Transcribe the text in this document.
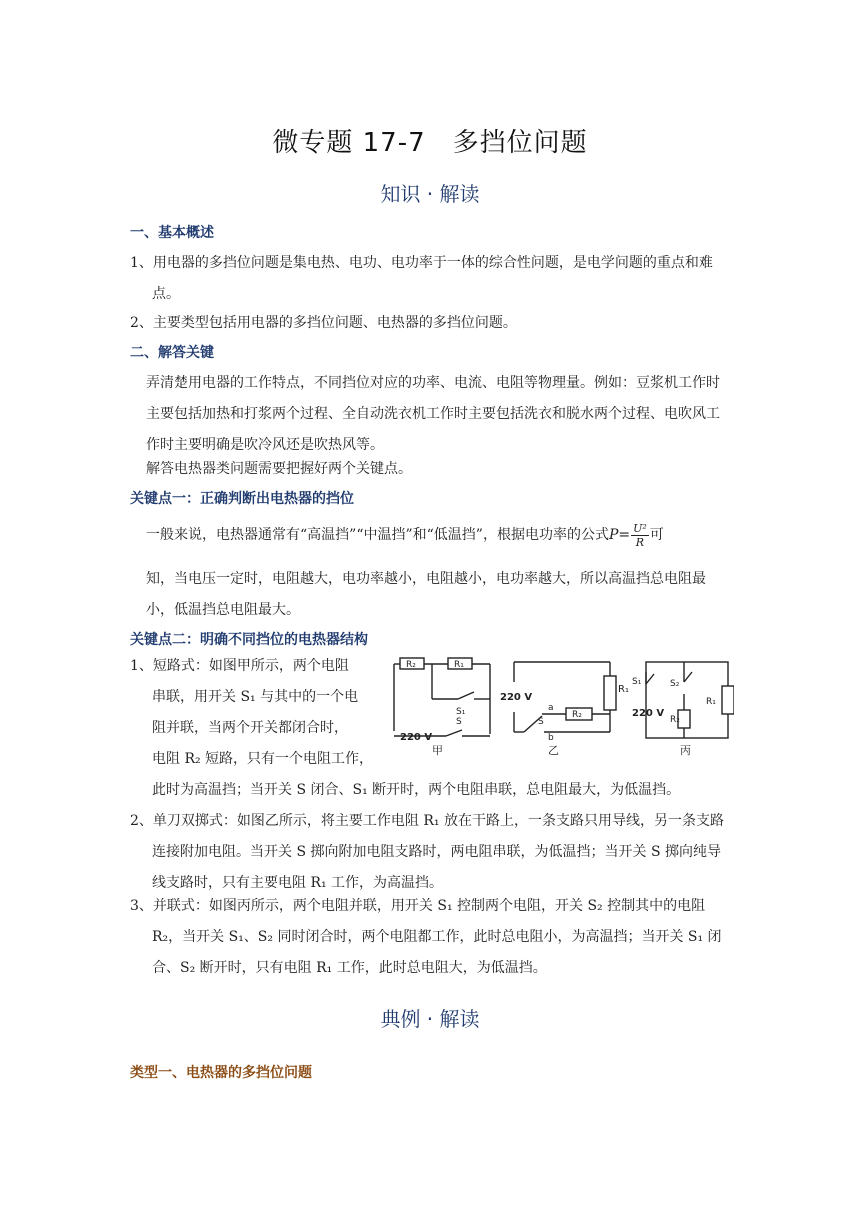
微专题 17-7　多挡位问题
知识 · 解读
一、基本概述
1、用电器的多挡位问题是集电热、电功、电功率于一体的综合性问题，是电学问题的重点和难点。
2、主要类型包括用电器的多挡位问题、电热器的多挡位问题。
二、解答关键
弄清楚用电器的工作特点，不同挡位对应的功率、电流、电阻等物理量。例如：豆浆机工作时主要包括加热和打浆两个过程、全自动洗衣机工作时主要包括洗衣和脱水两个过程、电吹风工作时主要明确是吹冷风还是吹热风等。
解答电热器类问题需要把握好两个关键点。
关键点一：正确判断出电热器的挡位
一般来说，电热器通常有“高温挡”“中温挡”和“低温挡”，根据电功率的公式$P= \frac{\text{U²}}{R}$ 可
知，当电压一定时，电阻越大，电功率越小，电阻越小，电功率越大，所以高温挡总电阻最小，低温挡总电阻最大。
关键点二：明确不同挡位的电热器结构
1、短路式：如图甲所示，两个电阻
串联，用开关 S₁ 与其中的一个电
阻并联，当两个开关都闭合时，
电阻 R₂ 短路，只有一个电阻工作，
此时为高温挡；当开关 S 闭合、S₁ 断开时，两个电阻串联，总电阻最大，为低温挡。
R₂	R₁
S₁
S
220 V
甲
220 V
R₁
R₂
a
S
b
乙
S₁	S₂
220 V
R₂
R₁
丙
2、单刀双掷式：如图乙所示，将主要工作电阻 R₁ 放在干路上，一条支路只用导线，另一条支路连接附加电阻。当开关 S 掷向附加电阻支路时，两电阻串联，为低温挡；当开关 S 掷向纯导线支路时，只有主要电阻 R₁ 工作，为高温挡。
3、并联式：如图丙所示，两个电阻并联，用开关 S₁ 控制两个电阻，开关 S₂ 控制其中的电阻 R₂，当开关 S₁、S₂ 同时闭合时，两个电阻都工作，此时总电阻小，为高温挡；当开关 S₁ 闭合、S₂ 断开时，只有电阻 R₁ 工作，此时总电阻大，为低温挡。
典例 · 解读
类型一、电热器的多挡位问题
